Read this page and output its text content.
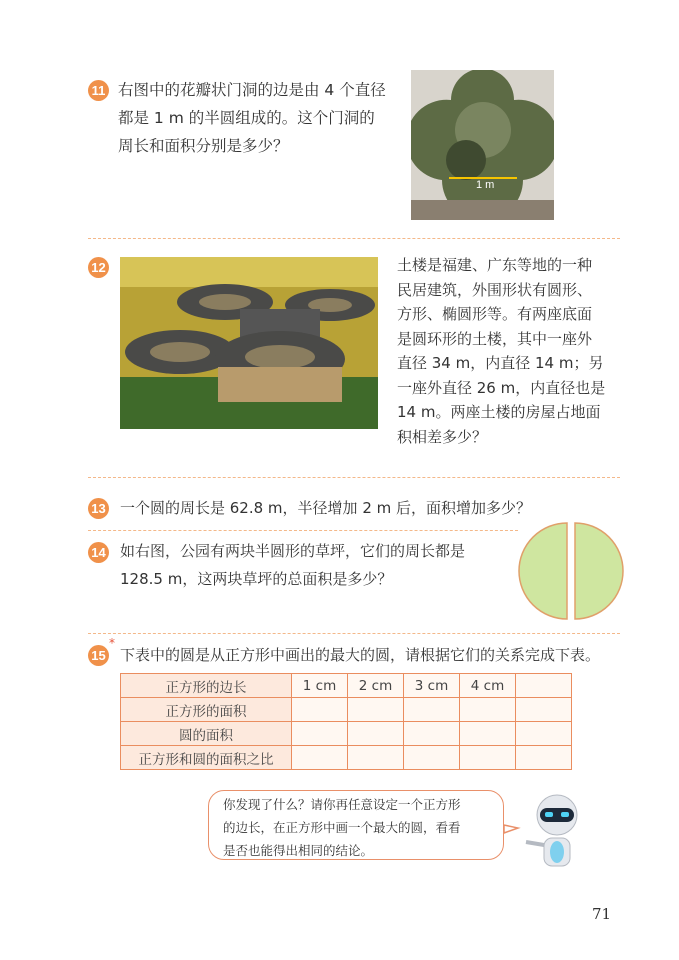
11 右图中的花瓣状门洞的边是由 4 个直径
都是 1 m 的半圆组成的。这个门洞的
周长和面积分别是多少？
1 m
12	土楼是福建、广东等地的一种
民居建筑，外围形状有圆形、
方形、椭圆形等。有两座底面
是圆环形的土楼，其中一座外
直径 34 m，内直径 14 m；另
一座外直径 26 m，内直径也是
14 m。两座土楼的房屋占地面
积相差多少？
13 一个圆的周长是 62.8 m，半径增加 2 m 后，面积增加多少？
14 如右图，公园有两块半圆形的草坪，它们的周长都是
128.5 m，这两块草坪的总面积是多少？
15
*
下表中的圆是从正方形中画出的最大的圆，请根据它们的关系完成下表。
正方形的边长	1 cm	2 cm	3 cm	4 cm	
正方形的面积					
圆的面积					
正方形和圆的面积之比					
你发现了什么？请你再任意设定一个正方形
的边长，在正方形中画一个最大的圆，看看
是否也能得出相同的结论。
71
